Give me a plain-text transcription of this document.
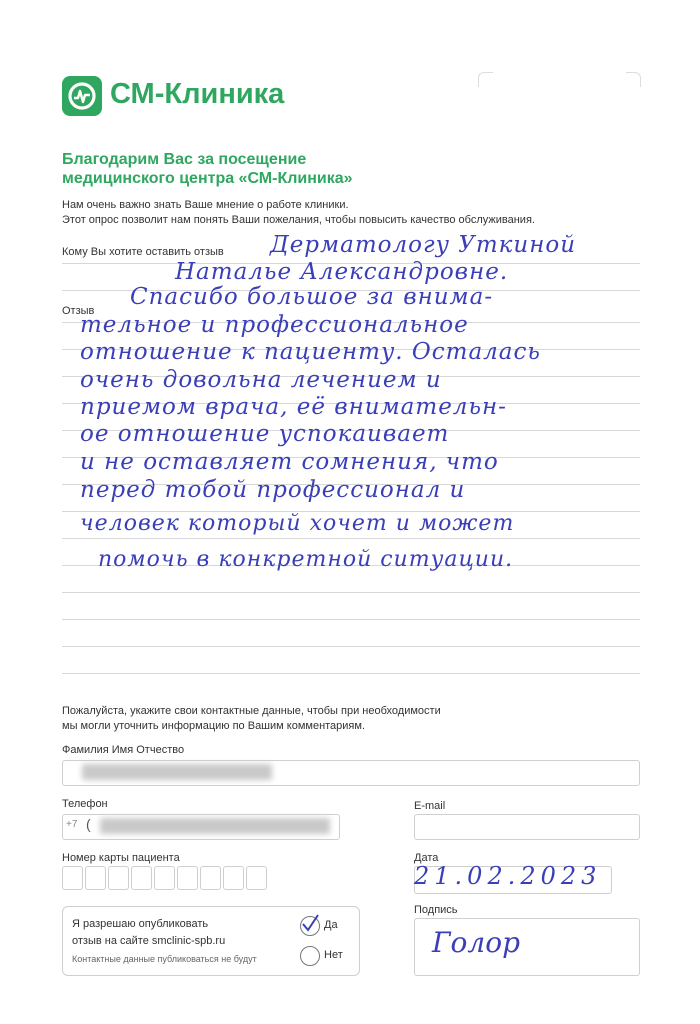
СМ-Клиника
Благодарим Вас за посещение
медицинского центра «СМ-Клиника»
Нам очень важно знать Ваше мнение о работе клиники.
Этот опрос позволит нам понять Ваши пожелания, чтобы повысить качество обслуживания.
Кому Вы хотите оставить отзыв Дерматологу Уткиной
Наталье Александровне.
Отзыв
Спасибо большое за внима-
тельное и профессиональное
отношение к пациенту. Осталась
очень довольна лечением и
приемом врача, её внимательн-
ое отношение успокаивает
и не оставляет сомнения, что
перед тобой профессионал и
человек который хочет и может
помочь в конкретной ситуации.
Пожалуйста, укажите свои контактные данные, чтобы при необходимости
мы могли уточнить информацию по Вашим комментариям.
Фамилия Имя Отчество
Телефон
+7 (
E-mail
Номер карты пациента	Дата
21.02.2023
Я разрешаю опубликовать
отзыв на сайте smclinic-spb.ru
Контактные данные публиковаться не будут
Да
Нет
Подпись
Голор
